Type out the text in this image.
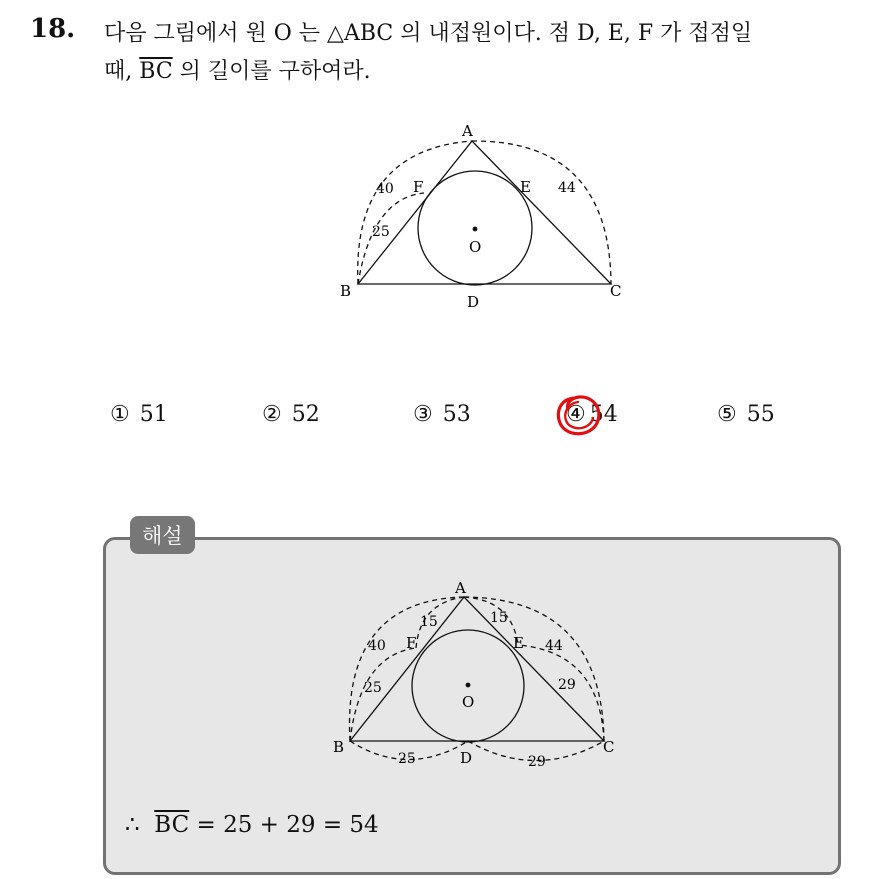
18. 다음 그림에서 원 O 는 △ABC 의 내접원이다. 점 D, E, F 가 접점일
때, $\overline{BC}$ 의 길이를 구하여라.
A
B	C
D
E
F
O
40	44
25
① 51	② 52	③ 53	④ 54	⑤ 55
해설
A
B	C
D
E
F
O
40	44
15	15
25	29
25	29
∴ $\overline{BC} = 25 + 29 = 54$
